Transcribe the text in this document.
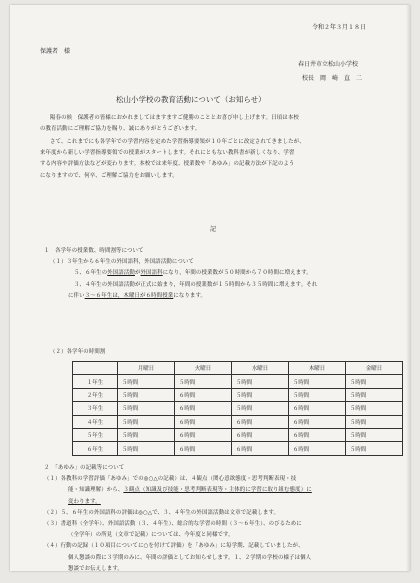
令和２年３月１８日
保護者　様
春日井市立松山小学校
校長　岡　崎　直　二
松山小学校の教育活動について（お知らせ）
陽春の候　保護者の皆様におかれましてはますますご健勝のこととお喜び申し上げます。日頃は本校
の教育活動にご理解ご協力を賜り、誠にありがとうございます。
さて、これまでにも各学年での学習内容を定めた学習指導要領が１０年ごとに改定されてきましたが、
来年度から新しい学習指導要領での授業がスタートします。それにともない教科書が新しくなり、学習
する内容や評価方法などが変わります。本校では来年度、授業数や「あゆみ」の記載方法が下記のよう
になりますので、何卒、ご理解ご協力をお願いします。
記
１　各学年の授業数、時間割等について
（１）３年生から６年生の外国語科，外国語活動について
５、６年生の外国語活動が外国語科になり，年間の授業数が５０時間から７０時間に増えます。
３、４年生の外国語活動が正式に始まり，年間の授業数が１５時間から３５時間に増えます。それ
に伴い３～６年生は，木曜日が６時間授業になります。
（２）各学年の時間割
	月曜日	火曜日	水曜日	木曜日	金曜日
１年生	５時間	５時間	５時間	５時間	５時間
２年生	５時間	６時間	５時間	５時間	５時間
３年生	５時間	６時間	５時間	６時間	５時間
４年生	５時間	６時間	６時間	６時間	５時間
５年生	５時間	６時間	６時間	６時間	５時間
６年生	５時間	６時間	６時間	６時間	５時間
２　「あゆみ」の記載等について
（１）各教科の学習評価「あゆみ」での◎○△の記載）は、４観点（関心意欲態度・思考判断表現・技
能・知識理解）から、３観点（知識及び技能・思考判断表現等・主体的に学習に取り組む態度）に
変わります。
（２）５、６年生の外国語科の評価は◎○△で、３、４年生の外国語活動は文章で記載します。
（３）書道科（全学年）、外国語活動（３、４年生）、総合的な学習の時間（３～６年生）、のびるために
（全学年）の所見（文章で記載）については、今年度と同様です。
（４）行動の記録（１０項目についてに○を付けて評価）を「あゆみ」に毎学期、記載していましたが、
個人懇談の際に３学期のみに、年間の評価としてお知らせします。１、２学期の学校の様子は個人
懇談でお伝えします。
